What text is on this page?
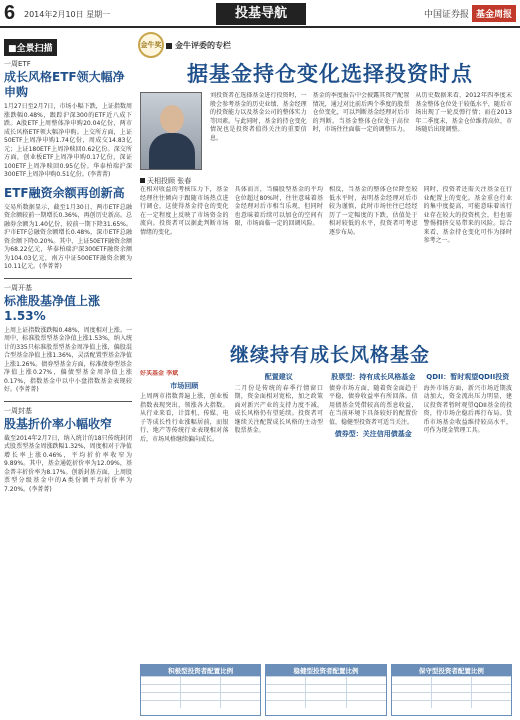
6 2014年2月10日 星期一	投基导航	中国证券报 基金周报
■全景扫描
一周ETF
成长风格ETF领大幅净申购
1月27日至2月7日，市场小幅下跌，上证指数周涨跌幅0.48%，跟踪沪深300的ETF近八成下跌。A股ETF上周整体净申购20.04亿份，两市成长风格ETF领大幅净申购。上交所方面，上证50ETF上周净申购1.74亿份，周成交14.83亿元；上证180ETF上周净赎回0.62亿份。深交所方面，创业板ETF上周净申购0.17亿份，深证100ETF上周净赎回0.95亿份。华泰柏瑞沪深300ETF上周净申购0.51亿份。(李菁菁)
ETF融资余额再创新高
交易所数据显示，截至1月30日，两市ETF总融资余额较前一期增长0.36%，再创历史新高。总融券余额为1.40亿份，较前一期下降31.65%。沪市ETF总融资余额增长0.48%，深市ETF总融资余额下降0.20%。其中，上证50ETF融资余额为68.22亿元，华泰柏瑞沪深300ETF融资余额为104.03亿元，南方中证500ETF融资余额为10.11亿元。(李菁菁)
一周开基
标准股基净值上涨1.53%
上周上证指数涨跌幅0.48%，周度相对上涨。一周中，标准股票型基金净值上涨1.53%，纳入统计的335只标准股票型基金周净值上涨，偏股混合型基金净值上涨1.36%，灵活配置型基金净值上涨1.26%。债券型基金方面，标准债券型基金净值上涨0.27%，偏债型基金周净值上涨0.17%，指数基金中以中小盘指数基金表现较好。(李菁菁)
一周封基
股基折价率小幅收窄
截至2014年2月7日，纳入统计的18只传统封闭式股票型基金周涨跌幅1.32%，周度相对于净值增长率上涨0.46%，平均折价率收窄为9.89%。其中，基金通乾折价率为12.09%，基金普丰折价率为8.17%。创新封基方面，上周股票型分级基金中的A类份额平均折价率为7.20%。(李菁菁)
金牛奖	金牛评委的专栏
据基金持仓变化选择投资时点
天相投顾 张春
刘投资者在选择基金进行投资时，一般会参考基金的历史业绩、基金经理的投资能力以及基金公司的整体实力等因素。与此同时，基金的持仓变化情况也是投资者值得关注的重要信息。
基金的季度报告中会披露其资产配置情况，通过对比前后两个季度的股票仓位变化，可以判断基金经理对后市的判断。当基金整体仓位处于高位时，市场往往面临一定的调整压力。
从历史数据来看，2012年四季度末基金整体仓位处于较低水平，随后市场出现了一轮反弹行情；而在2013年二季度末，基金仓位维持高位，市场随后出现调整。
在相对收益的考核压力下，基金经理往往倾向于跟随市场热点进行调仓，这使得基金持仓的变化在一定程度上反映了市场资金的流向。投资者可以据此判断市场情绪的变化。
具体而言，当偏股型基金的平均仓位超过80%时，往往意味着基金经理对后市相当乐观，但同时也意味着后续可以加仓的空间有限，市场面临一定的回调风险。
相反，当基金的整体仓位降至较低水平时，表明基金经理对后市较为谨慎，此时市场往往已经经历了一定幅度的下跌，估值处于相对较低的水平，投资者可考虑逐步布局。
同时，投资者还需关注基金在行业配置上的变化。基金重仓行业的集中度提高，可能意味着该行业存在较大的投资机会，但也需警惕拥挤交易带来的风险。综合来看，基金持仓变化可作为择时参考之一。
继续持有成长风格基金
好买基金 李斌
市场回顾
上周两市指数普遍上涨，创业板指数表现突出，领涨各大指数。从行业来看，计算机、传媒、电子等成长性行业涨幅居前，而银行、地产等传统行业表现相对落后，市场风格继续偏向成长。
配置建议
二月份是传统的春季行情窗口期，资金面相对宽松，加之政策面对新兴产业的支持力度不减，成长风格仍有望延续。投资者可继续关注配置成长风格的主动型股票基金。
股票型：持有成长风格基金
债券市场方面，随着资金面趋于平稳，债券收益率有所回落。信用债基金凭借较高的票息收益，在当前环境下具备较好的配置价值，稳健型投资者可适当关注。
债券型：关注信用债基金
QDII：暂时观望QDII投资
海外市场方面，新兴市场近期波动加大，资金流出压力明显，建议投资者暂时观望QDII基金的投资，待市场企稳后再行布局。货币市场基金收益维持较高水平，可作为现金管理工具。
积极型投资者配置比例	稳健型投资者配置比例	保守型投资者配置比例
